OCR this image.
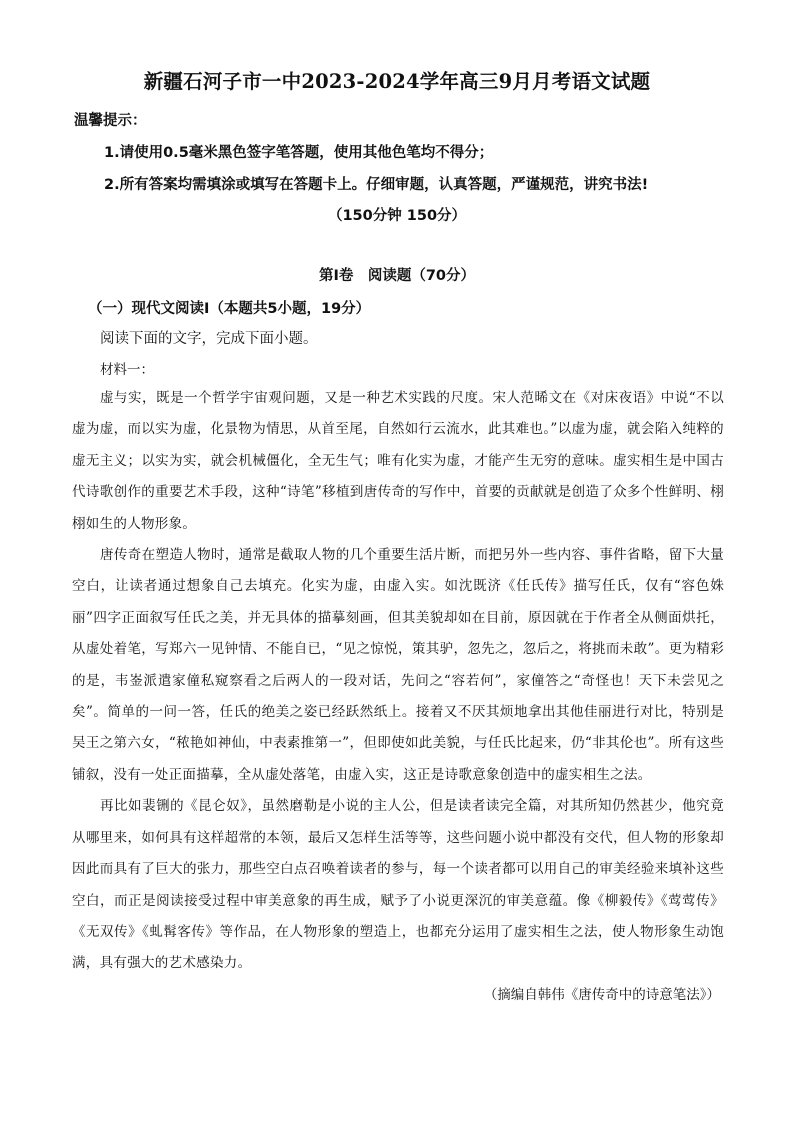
新疆石河子市一中2023-2024学年高三9月月考语文试题
温馨提示：
1.请使用0.5毫米黑色签字笔答题，使用其他色笔均不得分；
2.所有答案均需填涂或填写在答题卡上。仔细审题，认真答题，严谨规范，讲究书法!
（150分钟 150分）
第Ⅰ卷　阅读题（70分）
（一）现代文阅读Ⅰ（本题共5小题，19分）
阅读下面的文字，完成下面小题。
材料一：

虚与实，既是一个哲学宇宙观问题，又是一种艺术实践的尺度。宋人范晞文在《对床夜语》中说“不以虚为虚，而以实为虚，化景物为情思，从首至尾，自然如行云流水，此其难也。”以虚为虚，就会陷入纯粹的虚无主义；以实为实，就会机械僵化，全无生气；唯有化实为虚，才能产生无穷的意味。虚实相生是中国古代诗歌创作的重要艺术手段，这种“诗笔”移植到唐传奇的写作中，首要的贡献就是创造了众多个性鲜明、栩栩如生的人物形象。

唐传奇在塑造人物时，通常是截取人物的几个重要生活片断，而把另外一些内容、事件省略，留下大量空白，让读者通过想象自己去填充。化实为虚，由虚入实。如沈既济《任氏传》描写任氏，仅有“容色姝丽”四字正面叙写任氏之美，并无具体的描摹刻画，但其美貌却如在目前，原因就在于作者全从侧面烘托，从虚处着笔，写郑六一见钟情、不能自已，“见之惊悦，策其驴，忽先之，忽后之，将挑而未敢”。更为精彩的是，韦崟派遣家僮私窥察看之后两人的一段对话，先问之“容若何”，家僮答之“奇怪也！天下未尝见之矣”。简单的一问一答，任氏的绝美之姿已经跃然纸上。接着又不厌其烦地拿出其他佳丽进行对比，特别是吴王之第六女，“秾艳如神仙，中表素推第一”，但即使如此美貌，与任氏比起来，仍“非其伦也”。所有这些铺叙，没有一处正面描摹，全从虚处落笔，由虚入实，这正是诗歌意象创造中的虚实相生之法。

再比如裴铏的《昆仑奴》，虽然磨勒是小说的主人公，但是读者读完全篇，对其所知仍然甚少，他究竟从哪里来，如何具有这样超常的本领，最后又怎样生活等等，这些问题小说中都没有交代，但人物的形象却因此而具有了巨大的张力，那些空白点召唤着读者的参与，每一个读者都可以用自己的审美经验来填补这些空白，而正是阅读接受过程中审美意象的再生成，赋予了小说更深沉的审美意蕴。像《柳毅传》《莺莺传》《无双传》《虬髯客传》等作品，在人物形象的塑造上，也都充分运用了虚实相生之法，使人物形象生动饱满，具有强大的艺术感染力。

（摘编自韩伟《唐传奇中的诗意笔法》）
